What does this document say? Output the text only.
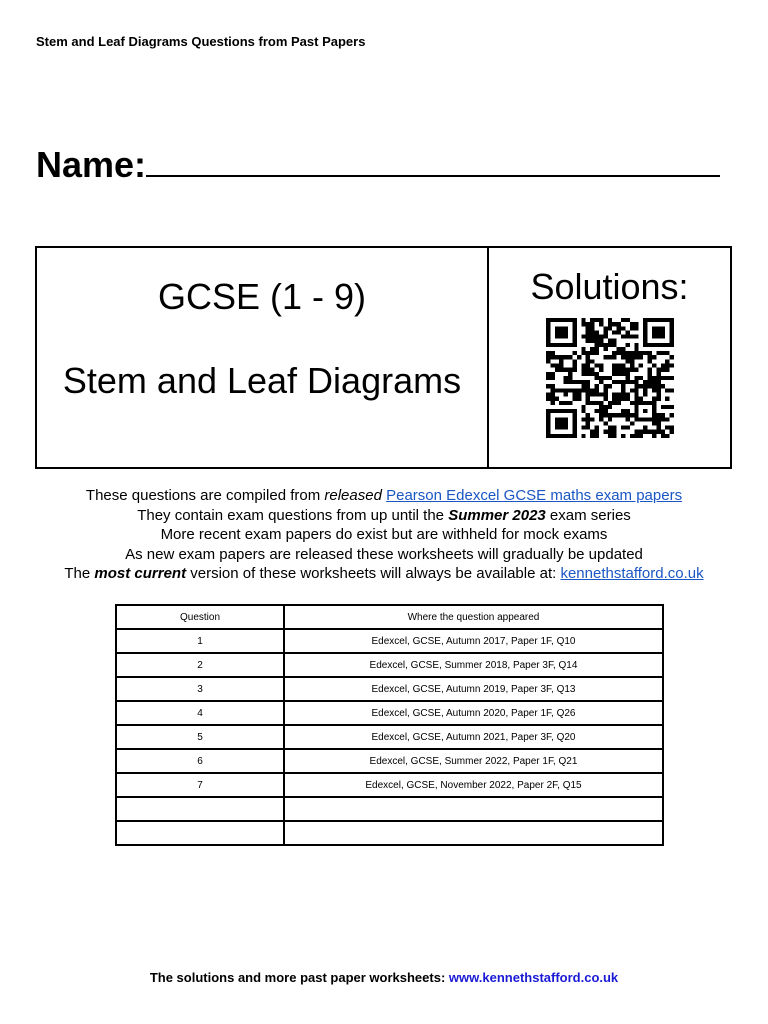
Stem and Leaf Diagrams Questions from Past Papers
Name:
GCSE (1 - 9)
Stem and Leaf Diagrams
Solutions:
These questions are compiled from released Pearson Edexcel GCSE maths exam papers
They contain exam questions from up until the Summer 2023 exam series
More recent exam papers do exist but are withheld for mock exams
As new exam papers are released these worksheets will gradually be updated
The most current version of these worksheets will always be available at: kennethstafford.co.uk
Question	Where the question appeared
1	Edexcel, GCSE, Autumn 2017, Paper 1F, Q10
2	Edexcel, GCSE, Summer 2018, Paper 3F, Q14
3	Edexcel, GCSE, Autumn 2019, Paper 3F, Q13
4	Edexcel, GCSE, Autumn 2020, Paper 1F, Q26
5	Edexcel, GCSE, Autumn 2021, Paper 3F, Q20
6	Edexcel, GCSE, Summer 2022, Paper 1F, Q21
7	Edexcel, GCSE, November 2022, Paper 2F, Q15

The solutions and more past paper worksheets: www.kennethstafford.co.uk
